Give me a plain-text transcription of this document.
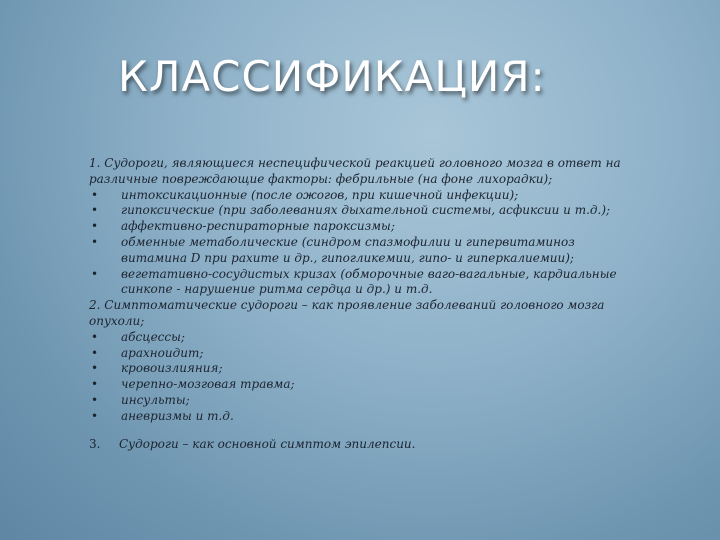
КЛАССИФИКАЦИЯ:
1. Судороги, являющиеся неспецифической реакцией головного мозга в ответ на
различные повреждающие факторы: фебрильные (на фоне лихорадки);
• интоксикационные (после ожогов, при кишечной инфекции);
• гипоксические (при заболеваниях дыхательной системы, асфиксии и т.д.);
• аффективно-респираторные пароксизмы;
• обменные метаболические (синдром спазмофилии и гипервитаминоз
витамина D при рахите и др., гипогликемии, гипо- и гиперкалиемии);
• вегетативно-сосудистых кризах (обморочные ваго-вагальные, кардиальные
синкопе - нарушение ритма сердца и др.) и т.д.
2. Симптоматические судороги – как проявление заболеваний головного мозга
опухоли;
• абсцессы;
• арахноидит;
• кровоизлияния;
• черепно-мозговая травма;
• инсульты;
• аневризмы и т.д.
3. Судороги – как основной симптом эпилепсии.
